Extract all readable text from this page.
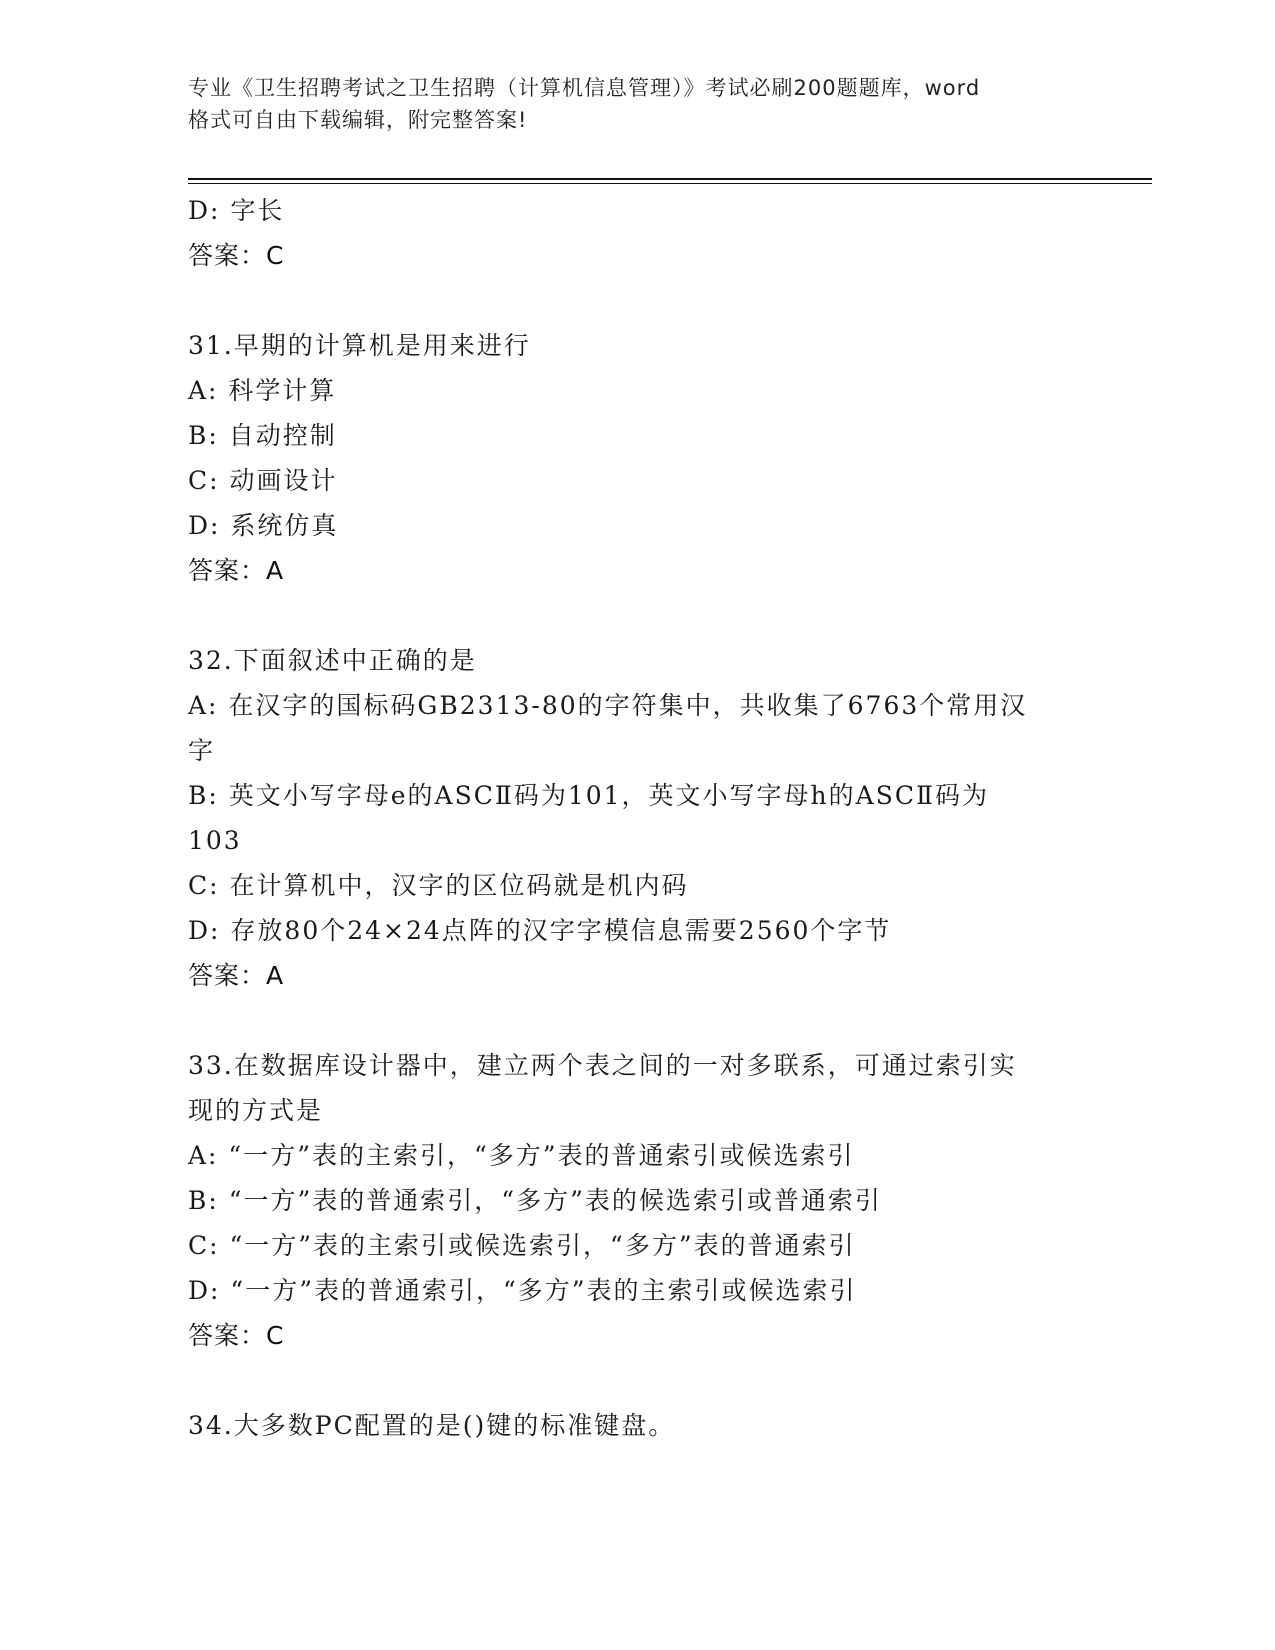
专业《卫生招聘考试之卫生招聘（计算机信息管理）》考试必刷200题题库，word
格式可自由下载编辑，附完整答案!

D: 字长

答案：C

31.早期的计算机是用来进行

A: 科学计算

B: 自动控制

C: 动画设计

D: 系统仿真

答案：A

32.下面叙述中正确的是

A: 在汉字的国标码GB2313-80的字符集中，共收集了6763个常用汉

字

B: 英文小写字母e的ASCⅡ码为101，英文小写字母h的ASCⅡ码为

103

C: 在计算机中，汉字的区位码就是机内码

D: 存放80个24×24点阵的汉字字模信息需要2560个字节

答案：A

33.在数据库设计器中，建立两个表之间的一对多联系，可通过索引实

现的方式是

A: “一方”表的主索引，“多方”表的普通索引或候选索引

B: “一方”表的普通索引，“多方”表的候选索引或普通索引

C: “一方”表的主索引或候选索引，“多方”表的普通索引

D: “一方”表的普通索引，“多方”表的主索引或候选索引

答案：C

34.大多数PC配置的是()键的标准键盘。
